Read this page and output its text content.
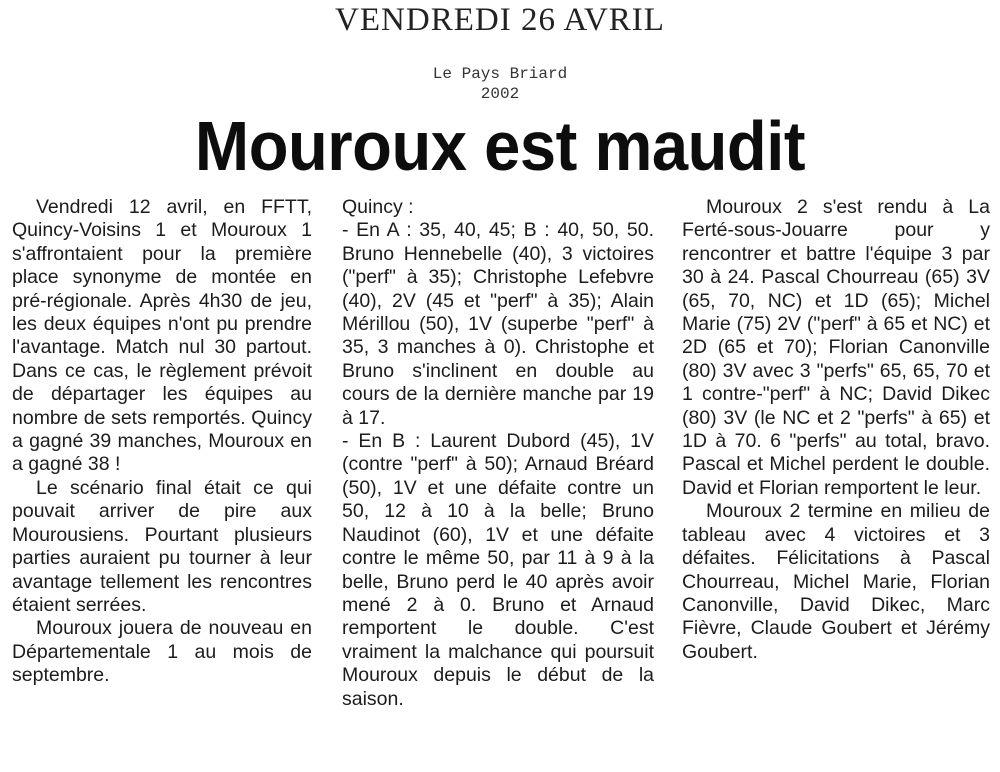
VENDREDI 26 AVRIL
Le Pays Briard
2002
Mouroux est maudit

Vendredi 12 avril, en FFTT, Quincy-Voisins 1 et Mouroux 1 s'affrontaient pour la première place synonyme de montée en pré-régionale. Après 4h30 de jeu, les deux équipes n'ont pu prendre l'avantage. Match nul 30 partout. Dans ce cas, le règlement prévoit de départager les équipes au nombre de sets remportés. Quincy a gagné 39 manches, Mouroux en a gagné 38 !

Le scénario final était ce qui pouvait arriver de pire aux Mourousiens. Pourtant plusieurs parties auraient pu tourner à leur avantage tellement les rencontres étaient serrées.

Mouroux jouera de nouveau en Départementale 1 au mois de septembre.

Quincy :

- En A : 35, 40, 45; B : 40, 50, 50. Bruno Hennebelle (40), 3 victoires ("perf" à 35); Christophe Lefebvre (40), 2V (45 et "perf" à 35); Alain Mérillou (50), 1V (superbe "perf" à 35, 3 manches à 0). Christophe et Bruno s'inclinent en double au cours de la dernière manche par 19 à 17.

- En B : Laurent Dubord (45), 1V (contre "perf" à 50); Arnaud Bréard (50), 1V et une défaite contre un 50, 12 à 10 à la belle; Bruno Naudinot (60), 1V et une défaite contre le même 50, par 11 à 9 à la belle, Bruno perd le 40 après avoir mené 2 à 0. Bruno et Arnaud remportent le double. C'est vraiment la malchance qui poursuit Mouroux depuis le début de la saison.

Mouroux 2 s'est rendu à La Ferté-sous-Jouarre pour y rencontrer et battre l'équipe 3 par 30 à 24. Pascal Chourreau (65) 3V (65, 70, NC) et 1D (65); Michel Marie (75) 2V ("perf" à 65 et NC) et 2D (65 et 70); Florian Canonville (80) 3V avec 3 "perfs" 65, 65, 70 et 1 contre-"perf" à NC; David Dikec (80) 3V (le NC et 2 "perfs" à 65) et 1D à 70. 6 "perfs" au total, bravo. Pascal et Michel perdent le double. David et Florian remportent le leur.

Mouroux 2 termine en milieu de tableau avec 4 victoires et 3 défaites. Félicitations à Pascal Chourreau, Michel Marie, Florian Canonville, David Dikec, Marc Fièvre, Claude Goubert et Jérémy Goubert.
